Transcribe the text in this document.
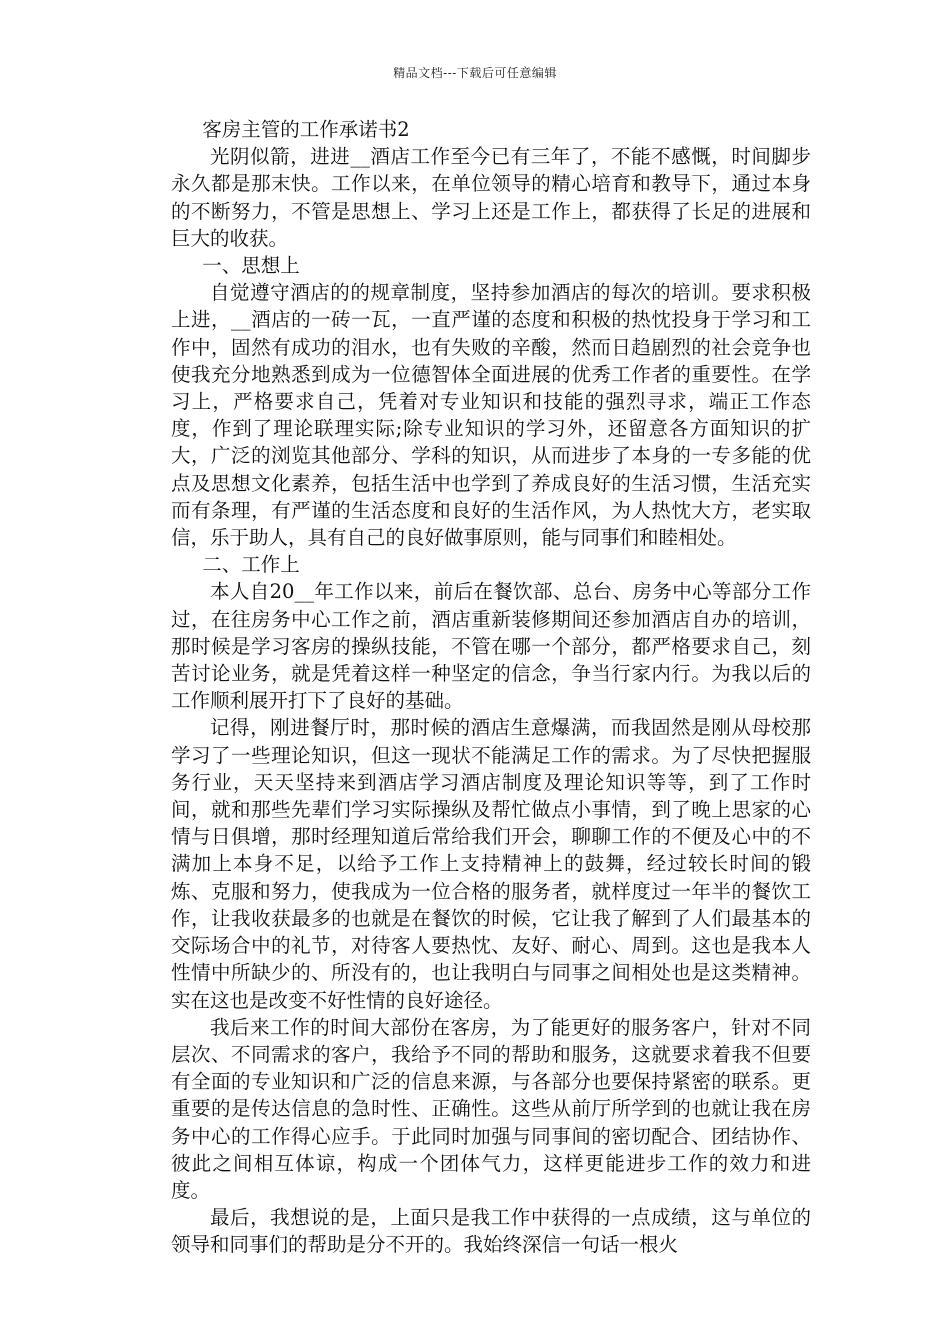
精品文档---下载后可任意编辑

客房主管的工作承诺书2

光阴似箭，进进__酒店工作至今已有三年了，不能不感慨，时间脚步永久都是那末快。工作以来，在单位领导的精心培育和教导下，通过本身的不断努力，不管是思想上、学习上还是工作上，都获得了长足的进展和巨大的收获。

一、思想上

自觉遵守酒店的的规章制度，坚持参加酒店的每次的培训。要求积极上进，__酒店的一砖一瓦，一直严谨的态度和积极的热忱投身于学习和工作中，固然有成功的泪水，也有失败的辛酸，然而日趋剧烈的社会竞争也使我充分地熟悉到成为一位德智体全面进展的优秀工作者的重要性。在学习上，严格要求自己，凭着对专业知识和技能的强烈寻求，端正工作态度，作到了理论联理实际;除专业知识的学习外，还留意各方面知识的扩大，广泛的浏览其他部分、学科的知识，从而进步了本身的一专多能的优点及思想文化素养，包括生活中也学到了养成良好的生活习惯，生活充实而有条理，有严谨的生活态度和良好的生活作风，为人热忱大方，老实取信，乐于助人，具有自己的良好做事原则，能与同事们和睦相处。

二、工作上

本人自20__年工作以来，前后在餐饮部、总台、房务中心等部分工作过，在往房务中心工作之前，酒店重新装修期间还参加酒店自办的培训，那时候是学习客房的操纵技能，不管在哪一个部分，都严格要求自己，刻苦讨论业务，就是凭着这样一种坚定的信念，争当行家内行。为我以后的工作顺利展开打下了良好的基础。

记得，刚进餐厅时，那时候的酒店生意爆满，而我固然是刚从母校那学习了一些理论知识，但这一现状不能满足工作的需求。为了尽快把握服务行业，天天坚持来到酒店学习酒店制度及理论知识等等，到了工作时间，就和那些先辈们学习实际操纵及帮忙做点小事情，到了晚上思家的心情与日俱增，那时经理知道后常给我们开会，聊聊工作的不便及心中的不满加上本身不足，以给予工作上支持精神上的鼓舞，经过较长时间的锻炼、克服和努力，使我成为一位合格的服务者，就样度过一年半的餐饮工作，让我收获最多的也就是在餐饮的时候，它让我了解到了人们最基本的交际场合中的礼节，对待客人要热忱、友好、耐心、周到。这也是我本人性情中所缺少的、所没有的，也让我明白与同事之间相处也是这类精神。实在这也是改变不好性情的良好途径。

我后来工作的时间大部份在客房，为了能更好的服务客户，针对不同层次、不同需求的客户，我给予不同的帮助和服务，这就要求着我不但要有全面的专业知识和广泛的信息来源，与各部分也要保持紧密的联系。更重要的是传达信息的急时性、正确性。这些从前厅所学到的也就让我在房务中心的工作得心应手。于此同时加强与同事间的密切配合、团结协作、彼此之间相互体谅，构成一个团体气力，这样更能进步工作的效力和进度。

最后，我想说的是，上面只是我工作中获得的一点成绩，这与单位的领导和同事们的帮助是分不开的。我始终深信一句话一根火
